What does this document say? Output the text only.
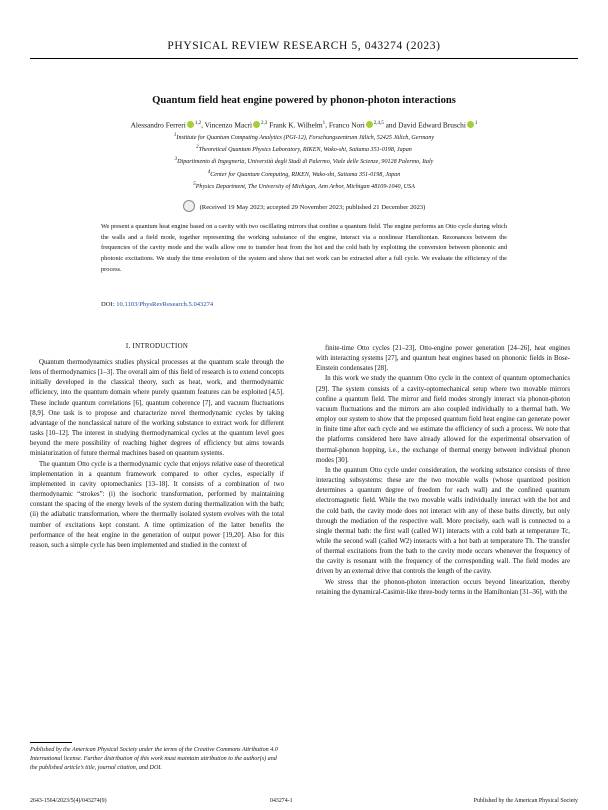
PHYSICAL REVIEW RESEARCH 5, 043274 (2023)
Quantum field heat engine powered by phonon-photon interactions
Alessandro Ferreri $^{1,2}$, Vincenzo Macrì $^{2,3}$ Frank K. Wilhelm$^1$, Franco Nori $^{2,4,5}$ and David Edward Bruschi $^1$
$^1$Institute for Quantum Computing Analytics (PGI-12), Forschungszentrum Jülich, 52425 Jülich, Germany
$^2$Theoretical Quantum Physics Laboratory, RIKEN, Wako-shi, Saitama 351-0198, Japan
$^3$Dipartimento di Ingegneria, Università degli Studi di Palermo, Viale delle Scienze, 90128 Palermo, Italy
$^4$Center for Quantum Computing, RIKEN, Wako-shi, Saitama 351-0198, Japan
$^5$Physics Department, The University of Michigan, Ann Arbor, Michigan 48109-1040, USA
(Received 19 May 2023; accepted 29 November 2023; published 21 December 2023)
We present a quantum heat engine based on a cavity with two oscillating mirrors that confine a quantum field. The engine performs an Otto cycle during which the walls and a field mode, together representing the working substance of the engine, interact via a nonlinear Hamiltonian. Resonances between the frequencies of the cavity mode and the walls allow one to transfer heat from the hot and the cold bath by exploiting the conversion between phononic and photonic excitations. We study the time evolution of the system and show that net work can be extracted after a full cycle. We evaluate the efficiency of the process.
DOI: 10.1103/PhysRevResearch.5.043274
I. INTRODUCTION

Quantum thermodynamics studies physical processes at the quantum scale through the lens of thermodynamics [1–3]. The overall aim of this field of research is to extend concepts initially developed in the classical theory, such as heat, work, and thermodynamic efficiency, into the quantum domain where purely quantum features can be exploited [4,5]. These include quantum correlations [6], quantum coherence [7], and vacuum fluctuations [8,9]. One task is to propose and characterize novel thermodynamic cycles by taking advantage of the nonclassical nature of the working substance to extract work for different tasks [10–12]. The interest in studying thermodynamical cycles at the quantum level goes beyond the mere possibility of reaching higher degrees of efficiency but aims towards miniaturization of future thermal machines based on quantum systems.

The quantum Otto cycle is a thermodynamic cycle that enjoys relative ease of theoretical implementation in a quantum framework compared to other cycles, especially if implemented in cavity optomechanics [13–18]. It consists of a combination of two thermodynamic “strokes”: (i) the isochoric transformation, performed by maintaining constant the spacing of the energy levels of the system during thermalization with the bath; (ii) the adiabatic transformation, where the thermally isolated system evolves with the total number of excitations kept constant. A time optimization of the latter benefits the performance of the heat engine in the generation of output power [19,20]. Also for this reason, such a simple cycle has been implemented and studied in the context of

finite-time Otto cycles [21–23], Otto-engine power generation [24–26], heat engines with interacting systems [27], and quantum heat engines based on phononic fields in Bose-Einstein condensates [28].

In this work we study the quantum Otto cycle in the context of quantum optomechanics [29]. The system consists of a cavity-optomechanical setup where two movable mirrors confine a quantum field. The mirror and field modes strongly interact via phonon-photon vacuum fluctuations and the mirrors are also coupled individually to a thermal bath. We employ our system to show that the proposed quantum field heat engine can generate power in finite time after each cycle and we estimate the efficiency of such a process. We note that the platforms considered here have already allowed for the experimental observation of thermal-phonon hopping, i.e., the exchange of thermal energy between individual phonon modes [30].

In the quantum Otto cycle under consideration, the working substance consists of three interacting subsystems: these are the two movable walls (whose quantized position determines a quantum degree of freedom for each wall) and the confined quantum electromagnetic field. While the two movable walls individually interact with the hot and the cold bath, the cavity mode does not interact with any of these baths directly, but only through the mediation of the respective wall. More precisely, each wall is connected to a single thermal bath: the first wall (called W1) interacts with a cold bath at temperature Tc, while the second wall (called W2) interacts with a hot bath at temperature Th. The transfer of thermal excitations from the bath to the cavity mode occurs whenever the frequency of the cavity is resonant with the frequency of the corresponding wall. The field modes are driven by an external drive that controls the length of the cavity.

We stress that the phonon-photon interaction occurs beyond linearization, thereby retaining the dynamical-Casimir-like three-body terms in the Hamiltonian [31–36], with the

Published by the American Physical Society under the terms of the Creative Commons Attribution 4.0 International license. Further distribution of this work must maintain attribution to the author(s) and the published article’s title, journal citation, and DOI.
2643-1564/2023/5(4)/043274(9)	043274-1	Published by the American Physical Society
